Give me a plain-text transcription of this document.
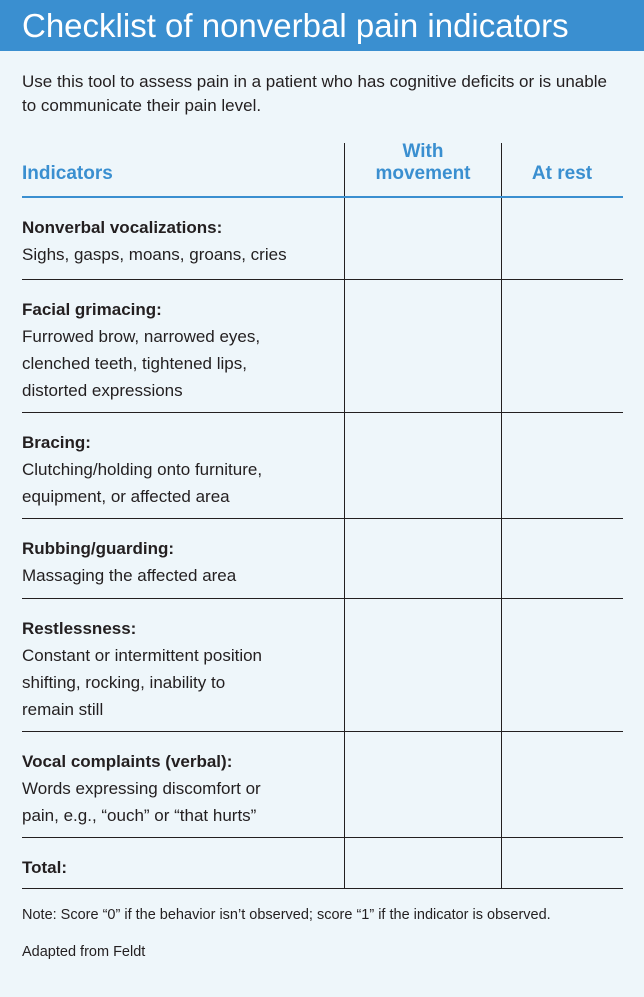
Checklist of nonverbal pain indicators
Use this tool to assess pain in a patient who has cognitive deficits or is unable to communicate their pain level.
Indicators
With
movement	At rest
Nonverbal vocalizations:
Sighs, gasps, moans, groans, cries
Facial grimacing:
Furrowed brow, narrowed eyes,
clenched teeth, tightened lips,
distorted expressions
Bracing:
Clutching/holding onto furniture,
equipment, or affected area
Rubbing/guarding:
Massaging the affected area
Restlessness:
Constant or intermittent position
shifting, rocking, inability to
remain still
Vocal complaints (verbal):
Words expressing discomfort or
pain, e.g., “ouch” or “that hurts”
Total:
Note: Score “0” if the behavior isn’t observed; score “1” if the indicator is observed.
Adapted from Feldt
